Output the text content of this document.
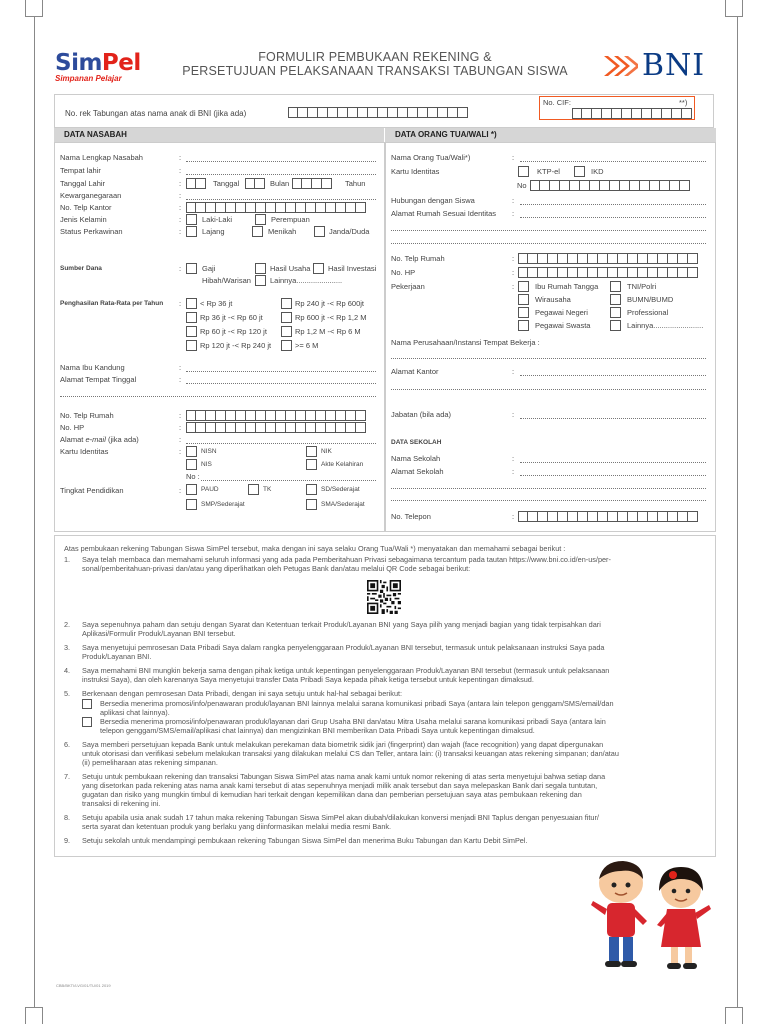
SimPel
Simpanan Pelajar
FORMULIR PEMBUKAAN REKENING &
PERSETUJUAN PELAKSANAAN TRANSAKSI TABUNGAN SISWA	BNI
No. rek Tabungan atas nama anak di BNI (jika ada)
No. CIF:	**)
DATA NASABAH	DATA ORANG TUA/WALI *)
Nama Lengkap Nasabah	:
Tempat lahir	:
Tanggal Lahir	:	Tanggal	Bulan	Tahun
Kewarganegaraan	:
No. Telp Kantor	:
Jenis Kelamin	:	Laki-Laki	Perempuan
Status Perkawinan	:	Lajang	Menikah	Janda/Duda
Sumber Dana	:	Gaji	Hasil Usaha Hasil Investasi
Hibah/Warisan	Lainnya......................
Penghasilan Rata-Rata per Tahun :	< Rp 36 jt	Rp 240 jt -< Rp 600jt
Rp 36 jt -< Rp 60 jt	Rp 600 jt -< Rp 1,2 M
Rp 60 jt -< Rp 120 jt	Rp 1,2 M -< Rp 6 M
Rp 120 jt -< Rp 240 jt	>= 6 M
Nama Ibu Kandung	:
Alamat Tempat Tinggal	:
No. Telp Rumah	:
No. HP	:
Alamat e-mail (jika ada)	:
Kartu Identitas	:	NISN	NIK
NIS	Akte Kelahiran
No :
Tingkat Pendidikan	:	PAUD	TK	SD/Sederajat
SMP/Sederajat	SMA/Sederajat
Nama Orang Tua/Wali*)	:
Kartu Identitas	KTP-el	IKD
No
Hubungan dengan Siswa	:
Alamat Rumah Sesuai Identitas :
No. Telp Rumah	:
No. HP	:
Pekerjaan	:	Ibu Rumah Tangga	TNI/Polri
Wirausaha	BUMN/BUMD
Pegawai Negeri	Professional
Pegawai Swasta	Lainnya........................
Nama Perusahaan/Instansi Tempat Bekerja :
Alamat Kantor	:
Jabatan (bila ada)	:
DATA SEKOLAH
Nama Sekolah	:
Alamat Sekolah	:
No. Telepon	:

Atas pembukaan rekening Tabungan Siswa SimPel tersebut, maka dengan ini saya selaku Orang Tua/Wali *) menyatakan dan memahami sebagai berikut :

1. Saya telah membaca dan memahami seluruh informasi yang ada pada Pemberitahuan Privasi sebagaimana tercantum pada tautan https://www.bni.co.id/en-us/per-

sonal/pemberitahuan-privasi dan/atau yang diperlihatkan oleh Petugas Bank dan/atau melalui QR Code sebagai berikut:

2. Saya sepenuhnya paham dan setuju dengan Syarat dan Ketentuan terkait Produk/Layanan BNI yang Saya pilih yang menjadi bagian yang tidak terpisahkan dari

Aplikasi/Formulir Produk/Layanan BNI tersebut.

3. Saya menyetujui pemrosesan Data Pribadi Saya dalam rangka penyelenggaraan Produk/Layanan BNI tersebut, termasuk untuk pelaksanaan instruksi Saya pada

Produk/Layanan BNI.

4. Saya memahami BNI mungkin bekerja sama dengan pihak ketiga untuk kepentingan penyelenggaraan Produk/Layanan BNI tersebut (termasuk untuk pelaksanaan

instruksi Saya), dan oleh karenanya Saya menyetujui transfer Data Pribadi Saya kepada pihak ketiga tersebut untuk kepentingan dimaksud.

5. Berkenaan dengan pemrosesan Data Pribadi, dengan ini saya setuju untuk hal-hal sebagai berikut:

Bersedia menerima promosi/info/penawaran produk/layanan BNI lainnya melalui sarana komunikasi pribadi Saya (antara lain telepon genggam/SMS/email/dan

aplikasi chat lainnya).

Bersedia menerima promosi/info/penawaran produk/layanan dari Grup Usaha BNI dan/atau Mitra Usaha melalui sarana komunikasi pribadi Saya (antara lain

telepon genggam/SMS/email/aplikasi chat lainnya) dan mengizinkan BNI memberikan Data Pribadi Saya untuk kepentingan dimaksud.

6. Saya memberi persetujuan kepada Bank untuk melakukan perekaman data biometrik sidik jari (fingerprint) dan wajah (face recognition) yang dapat dipergunakan

untuk otorisasi dan verifikasi sebelum melakukan transaksi yang dilakukan melalui CS dan Teller, antara lain: (i) transaksi keuangan atas rekening simpanan; dan/atau

(ii) pemeliharaan atas rekening simpanan.

7. Setuju untuk pembukaan rekening dan transaksi Tabungan Siswa SimPel atas nama anak kami untuk nomor rekening di atas serta menyetujui bahwa setiap dana

yang disetorkan pada rekening atas nama anak kami tersebut di atas sepenuhnya menjadi milik anak tersebut dan saya melepaskan Bank dari segala tuntutan,

gugatan dan risiko yang mungkin timbul di kemudian hari terkait dengan kepemilikan dana dan pemberian persetujuan saya atas pembukaan rekening dan

transaksi di rekening ini.

8. Setuju apabila usia anak sudah 17 tahun maka rekening Tabungan Siswa SimPel akan diubah/dilakukan konversi menjadi BNI Taplus dengan penyesuaian fitur/

serta syarat dan ketentuan produk yang berlaku yang diinformasikan melalui media resmi Bank.

9. Setuju sekolah untuk mendampingi pembukaan rekening Tabungan Siswa SimPel dan menerima Buku Tabungan dan Kartu Debit SimPel.

CBB/BKTI/LVG/01/TU/01 2019
